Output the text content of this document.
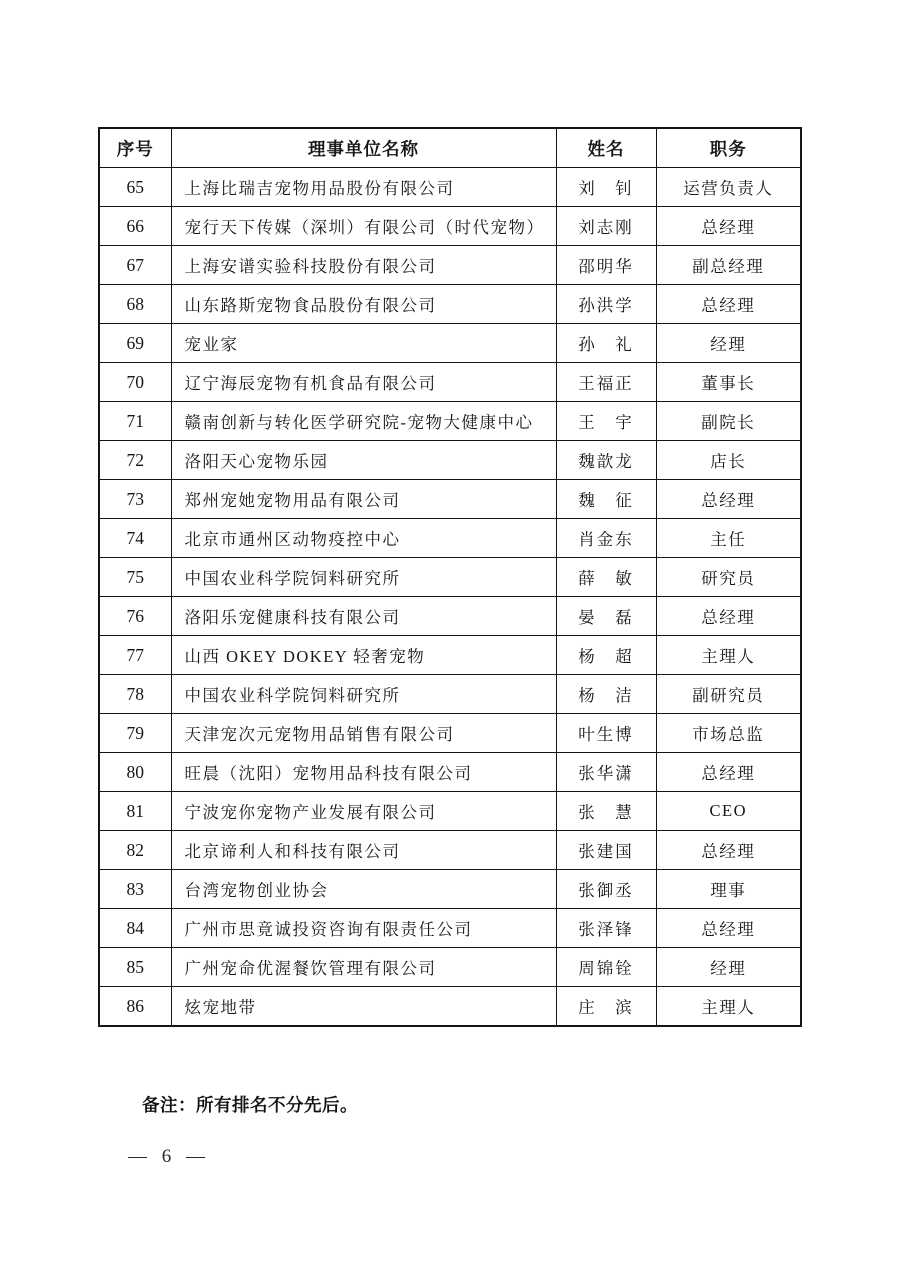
序号	理事单位名称	姓名	职务
65	上海比瑞吉宠物用品股份有限公司	刘　钊	运营负责人
66	宠行天下传媒（深圳）有限公司（时代宠物）	刘志刚	总经理
67	上海安谱实验科技股份有限公司	邵明华	副总经理
68	山东路斯宠物食品股份有限公司	孙洪学	总经理
69	宠业家	孙　礼	经理
70	辽宁海辰宠物有机食品有限公司	王福正	董事长
71	赣南创新与转化医学研究院-宠物大健康中心	王　宇	副院长
72	洛阳天心宠物乐园	魏歆龙	店长
73	郑州宠她宠物用品有限公司	魏　征	总经理
74	北京市通州区动物疫控中心	肖金东	主任
75	中国农业科学院饲料研究所	薛　敏	研究员
76	洛阳乐宠健康科技有限公司	晏　磊	总经理
77	山西 OKEY DOKEY 轻奢宠物	杨　超	主理人
78	中国农业科学院饲料研究所	杨　洁	副研究员
79	天津宠次元宠物用品销售有限公司	叶生博	市场总监
80	旺晨（沈阳）宠物用品科技有限公司	张华潇	总经理
81	宁波宠你宠物产业发展有限公司	张　慧	CEO
82	北京谛利人和科技有限公司	张建国	总经理
83	台湾宠物创业协会	张御丞	理事
84	广州市思竟诚投资咨询有限责任公司	张泽锋	总经理
85	广州宠命优渥餐饮管理有限公司	周锦铨	经理
86	炫宠地带	庄　滨	主理人
备注：所有排名不分先后。
— 6 —
